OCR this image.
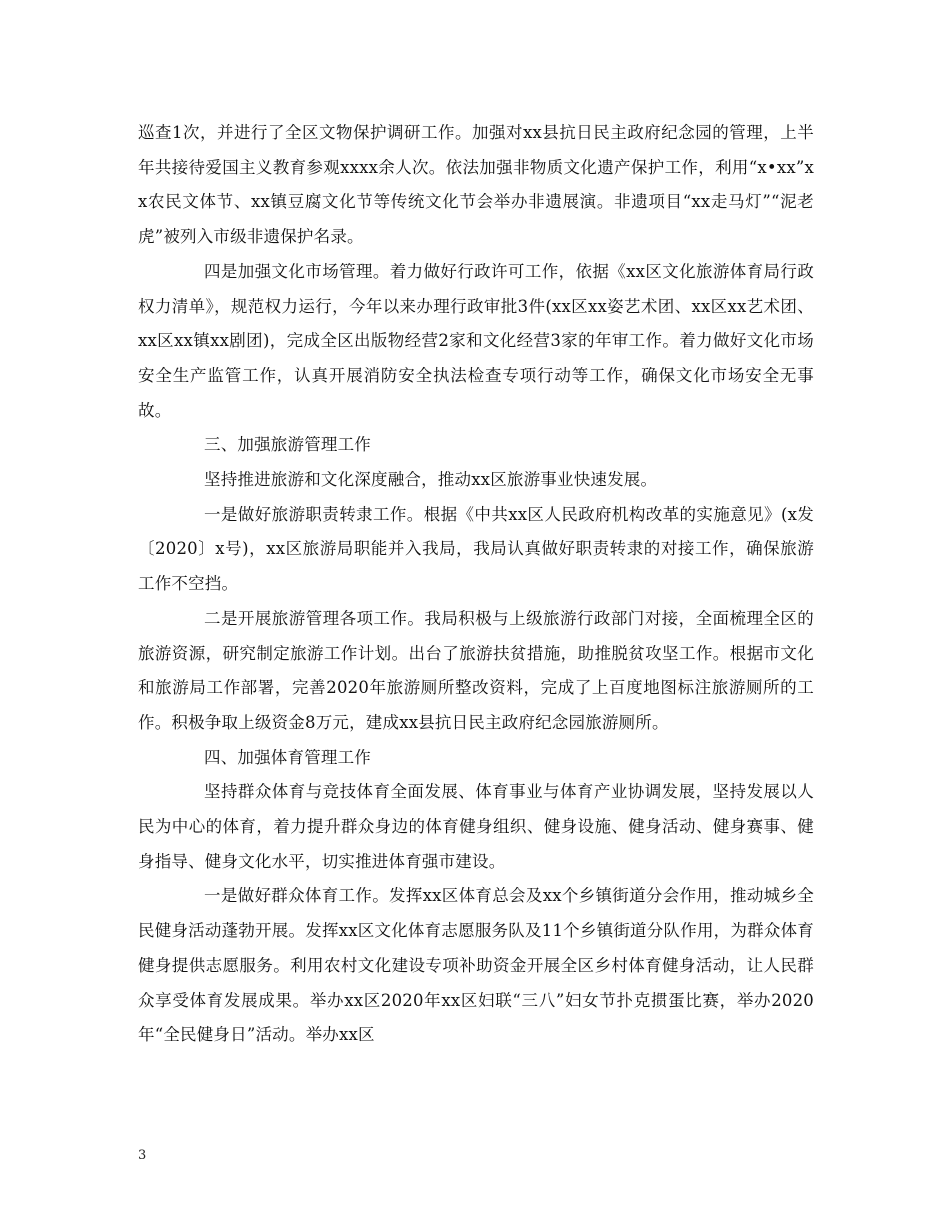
巡查1次，并进行了全区文物保护调研工作。加强对xx县抗日民主政府纪念园的管理，上半年共接待爱国主义教育参观xxxx余人次。依法加强非物质文化遗产保护工作，利用“x•xx”xx农民文体节、xx镇豆腐文化节等传统文化节会举办非遗展演。非遗项目“xx走马灯”“泥老虎”被列入市级非遗保护名录。

四是加强文化市场管理。着力做好行政许可工作，依据《xx区文化旅游体育局行政权力清单》，规范权力运行，今年以来办理行政审批3件(xx区xx姿艺术团、xx区xx艺术团、xx区xx镇xx剧团)，完成全区出版物经营2家和文化经营3家的年审工作。着力做好文化市场安全生产监管工作，认真开展消防安全执法检查专项行动等工作，确保文化市场安全无事故。

三、加强旅游管理工作

坚持推进旅游和文化深度融合，推动xx区旅游事业快速发展。

一是做好旅游职责转隶工作。根据《中共xx区人民政府机构改革的实施意见》(x发〔2020〕x号)，xx区旅游局职能并入我局，我局认真做好职责转隶的对接工作，确保旅游工作不空挡。

二是开展旅游管理各项工作。我局积极与上级旅游行政部门对接，全面梳理全区的旅游资源，研究制定旅游工作计划。出台了旅游扶贫措施，助推脱贫攻坚工作。根据市文化和旅游局工作部署，完善2020年旅游厕所整改资料，完成了上百度地图标注旅游厕所的工作。积极争取上级资金8万元，建成xx县抗日民主政府纪念园旅游厕所。

四、加强体育管理工作

坚持群众体育与竞技体育全面发展、体育事业与体育产业协调发展，坚持发展以人民为中心的体育，着力提升群众身边的体育健身组织、健身设施、健身活动、健身赛事、健身指导、健身文化水平，切实推进体育强市建设。

一是做好群众体育工作。发挥xx区体育总会及xx个乡镇街道分会作用，推动城乡全民健身活动蓬勃开展。发挥xx区文化体育志愿服务队及11个乡镇街道分队作用，为群众体育健身提供志愿服务。利用农村文化建设专项补助资金开展全区乡村体育健身活动，让人民群众享受体育发展成果。举办xx区2020年xx区妇联“三八”妇女节扑克掼蛋比赛，举办2020年“全民健身日”活动。举办xx区

3
